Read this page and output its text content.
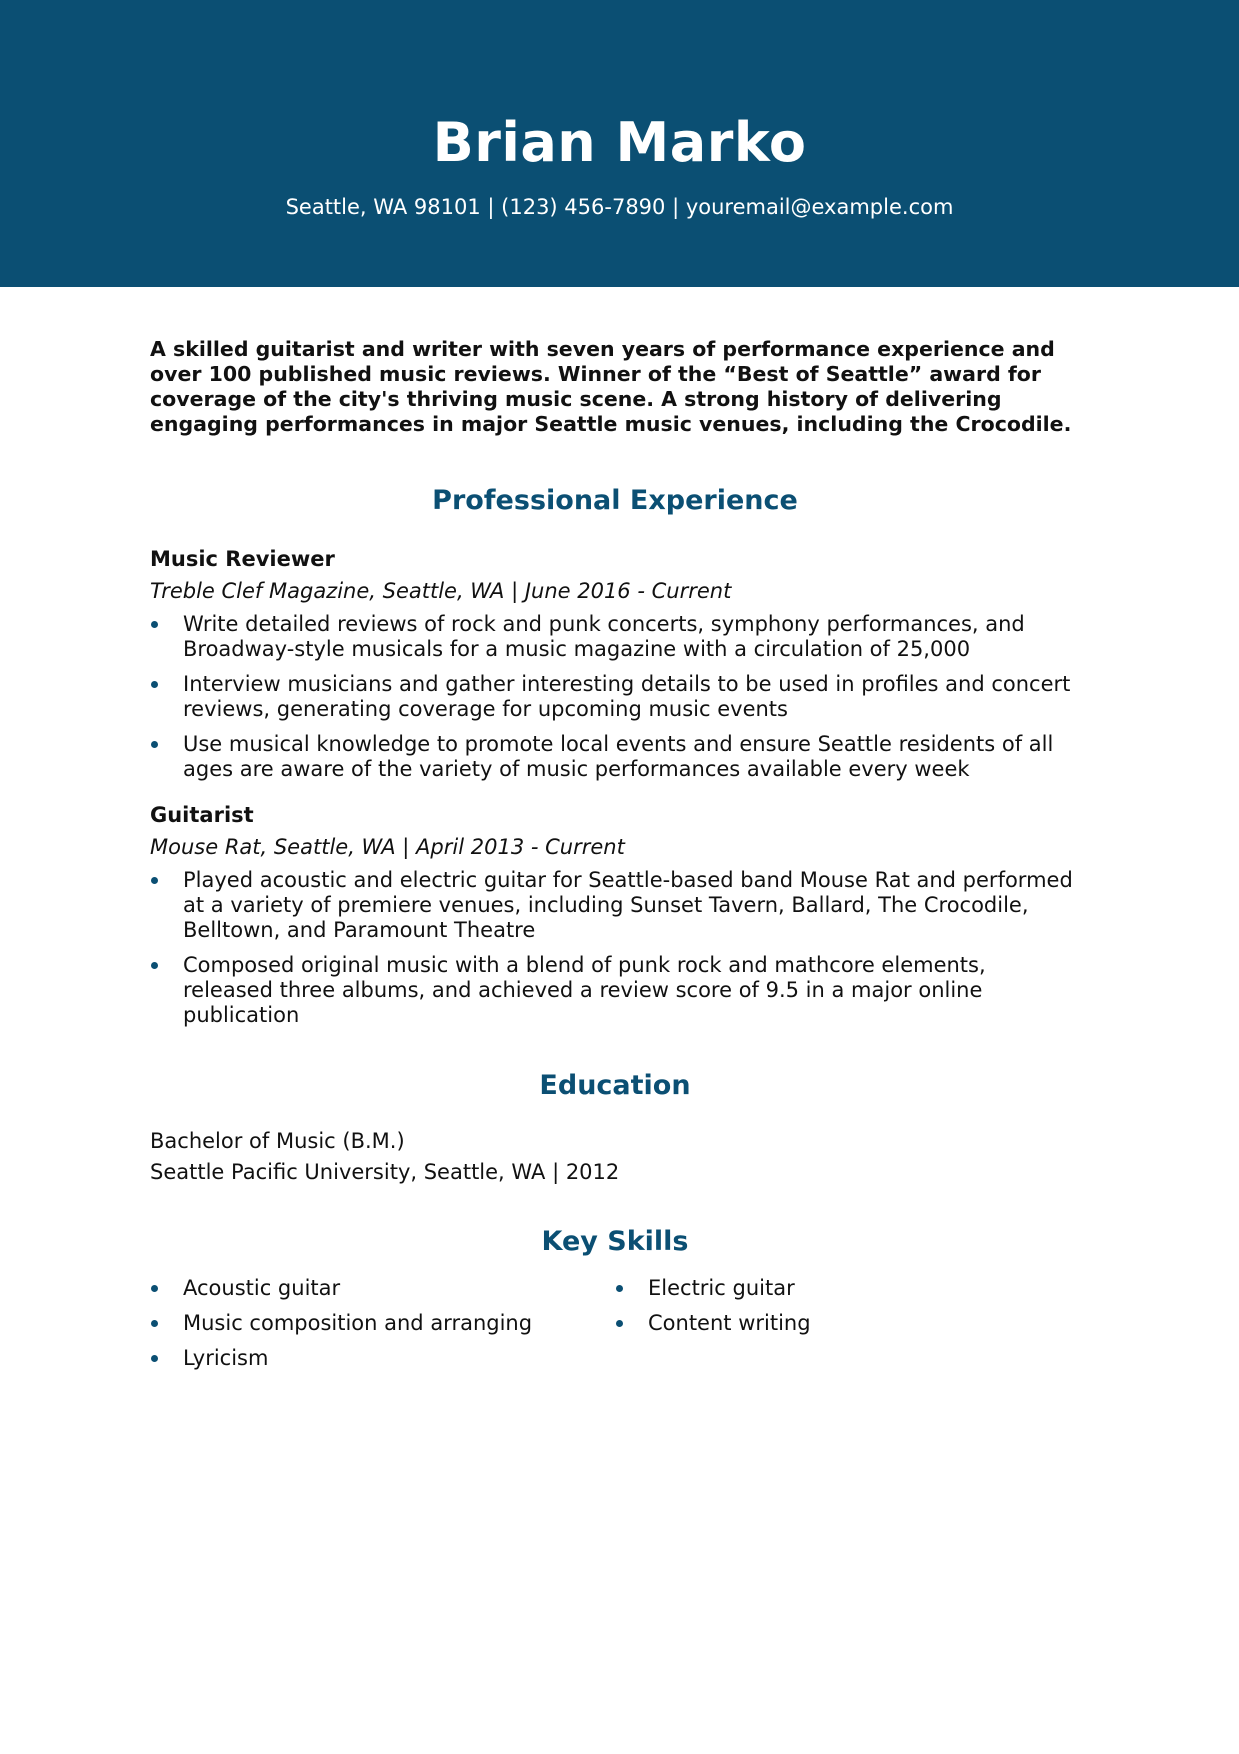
Brian Marko
Seattle, WA 98101 | (123) 456-7890 | youremail@example.com

A skilled guitarist and writer with seven years of performance experience and over 100 published music reviews. Winner of the “Best of Seattle” award for coverage of the city's thriving music scene. A strong history of delivering engaging performances in major Seattle music venues, including the Crocodile.

Professional Experience

Music Reviewer

Treble Clef Magazine, Seattle, WA | June 2016 - Current

Write detailed reviews of rock and punk concerts, symphony performances, and Broadway-style musicals for a music magazine with a circulation of 25,000
Interview musicians and gather interesting details to be used in profiles and concert reviews, generating coverage for upcoming music events
Use musical knowledge to promote local events and ensure Seattle residents of all ages are aware of the variety of music performances available every week

Guitarist

Mouse Rat, Seattle, WA | April 2013 - Current

Played acoustic and electric guitar for Seattle-based band Mouse Rat and performed at a variety of premiere venues, including Sunset Tavern, Ballard, The Crocodile, Belltown, and Paramount Theatre
Composed original music with a blend of punk rock and mathcore elements, released three albums, and achieved a review score of 9.5 in a major online publication
Education

Bachelor of Music (B.M.)

Seattle Pacific University, Seattle, WA | 2012

Key Skills
Acoustic guitar
Music composition and arranging
Lyricism
Electric guitar
Content writing
